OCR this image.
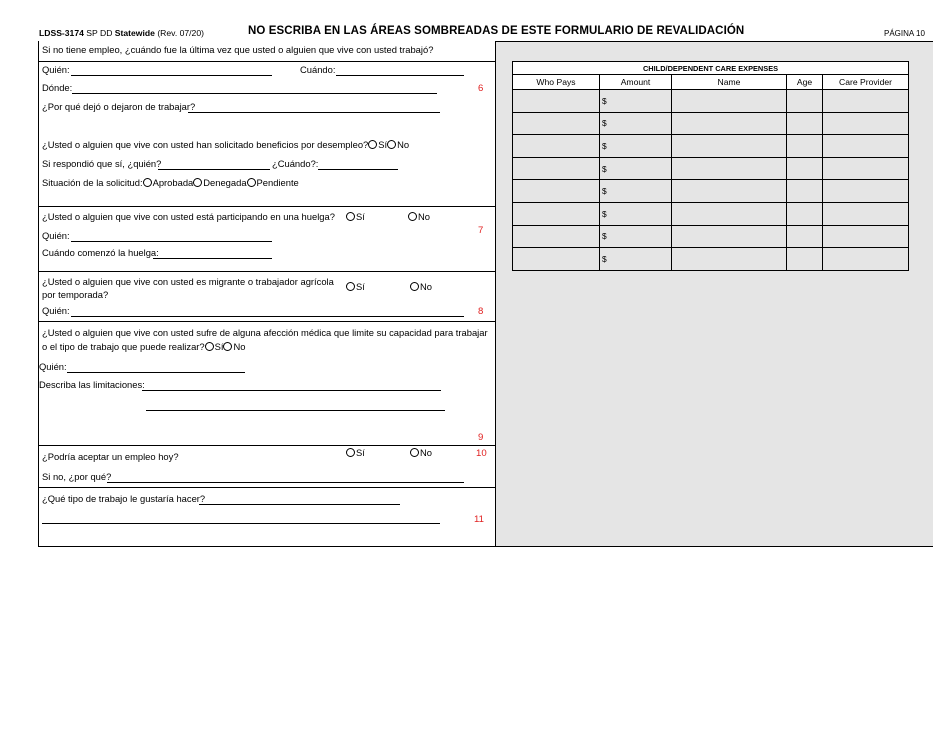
LDSS-3174 SP DD Statewide (Rev. 07/20)	NO ESCRIBA EN LAS ÁREAS SOMBREADAS DE ESTE FORMULARIO DE REVALIDACIÓN	PÁGINA 10
Si no tiene empleo, ¿cuándo fue la última vez que usted o alguien que vive con usted trabajó?
Quién:	Cuándo:
Dónde:	6
¿Por qué dejó o dejaron de trabajar?
¿Usted o alguien que vive con usted han solicitado beneficios por desempleo? Sí No
Si respondió que sí, ¿quién?	¿Cuándo?:
Situación de la solicitud: Aprobada Denegada Pendiente
¿Usted o alguien que vive con usted está participando en una huelga?	Sí	No
7
Quién:
Cuándo comenzó la huelga:
¿Usted o alguien que vive con usted es migrante o trabajador agrícola
por temporada?
Sí	No
Quién:	8
¿Usted o alguien que vive con usted sufre de alguna afección médica que limite su capacidad para trabajar
o el tipo de trabajo que puede realizar? Sí No
Quién:
Describa las limitaciones:
9
¿Podría aceptar un empleo hoy?	Sí	No	10
Si no, ¿por qué?
¿Qué tipo de trabajo le gustaría hacer?
11
CHILD/DEPENDENT CARE EXPENSES				
Who Pays	Amount	Name	Age	Care Provider
	$			
	$			
	$			
	$			
	$			
	$			
	$			
	$			
